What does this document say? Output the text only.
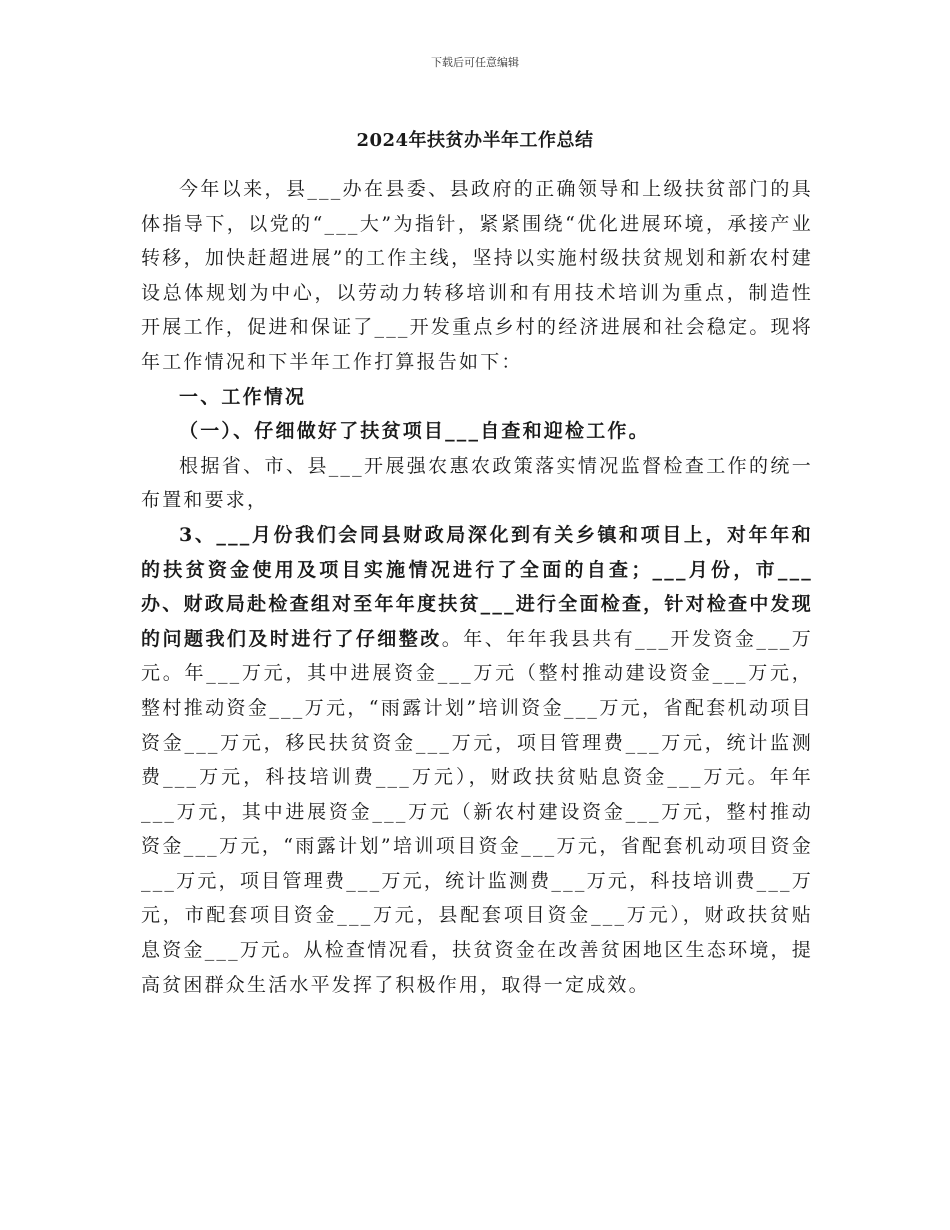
下载后可任意编辑
2024年扶贫办半年工作总结

今年以来，县___办在县委、县政府的正确领导和上级扶贫部门的具体指导下，以党的“___大”为指针，紧紧围绕“优化进展环境，承接产业转移，加快赶超进展”的工作主线，坚持以实施村级扶贫规划和新农村建设总体规划为中心，以劳动力转移培训和有用技术培训为重点，制造性开展工作，促进和保证了___开发重点乡村的经济进展和社会稳定。现将年工作情况和下半年工作打算报告如下：

一、工作情况

（一）、仔细做好了扶贫项目___自查和迎检工作。

根据省、市、县___开展强农惠农政策落实情况监督检查工作的统一布置和要求，

3、___月份我们会同县财政局深化到有关乡镇和项目上，对年年和的扶贫资金使用及项目实施情况进行了全面的自查；___月份，市___办、财政局赴检查组对至年年度扶贫___进行全面检查，针对检查中发现的问题我们及时进行了仔细整改。年、年年我县共有___开发资金___万元。年___万元，其中进展资金___万元（整村推动建设资金___万元，整村推动资金___万元，“雨露计划”培训资金___万元，省配套机动项目资金___万元，移民扶贫资金___万元，项目管理费___万元，统计监测费___万元，科技培训费___万元），财政扶贫贴息资金___万元。年年___万元，其中进展资金___万元（新农村建设资金___万元，整村推动资金___万元，“雨露计划”培训项目资金___万元，省配套机动项目资金___万元，项目管理费___万元，统计监测费___万元，科技培训费___万元，市配套项目资金___万元，县配套项目资金___万元），财政扶贫贴息资金___万元。从检查情况看，扶贫资金在改善贫困地区生态环境，提高贫困群众生活水平发挥了积极作用，取得一定成效。
